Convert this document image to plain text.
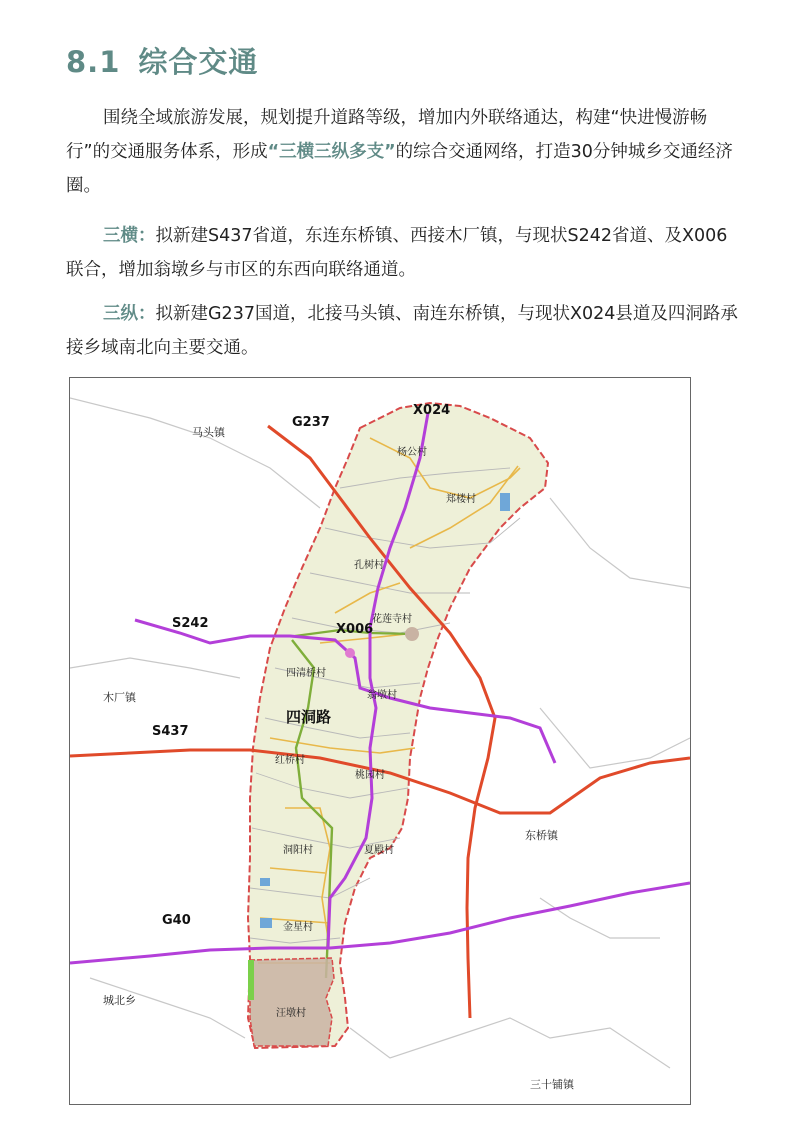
8.1 综合交通
围绕全域旅游发展，规划提升道路等级，增加内外联络通达，构建“快进慢游畅行”的交通服务体系，形成“三横三纵多支”的综合交通网络，打造30分钟城乡交通经济圈。
三横：拟新建S437省道，东连东桥镇、西接木厂镇，与现状S242省道、及X006联合，增加翁墩乡与市区的东西向联络通道。
三纵：拟新建G237国道，北接马头镇、南连东桥镇，与现状X024县道及四洞路承接乡域南北向主要交通。
G237
X024
S242	X006
S437
G40
四洞路
马头镇
木厂镇
东桥镇
城北乡
三十铺镇
杨公村
郑楼村
孔树村
花莲寺村
四清桥村
翁墩村
红桥村
桃园村
洞阳村	夏殿村
金星村
汪墩村
